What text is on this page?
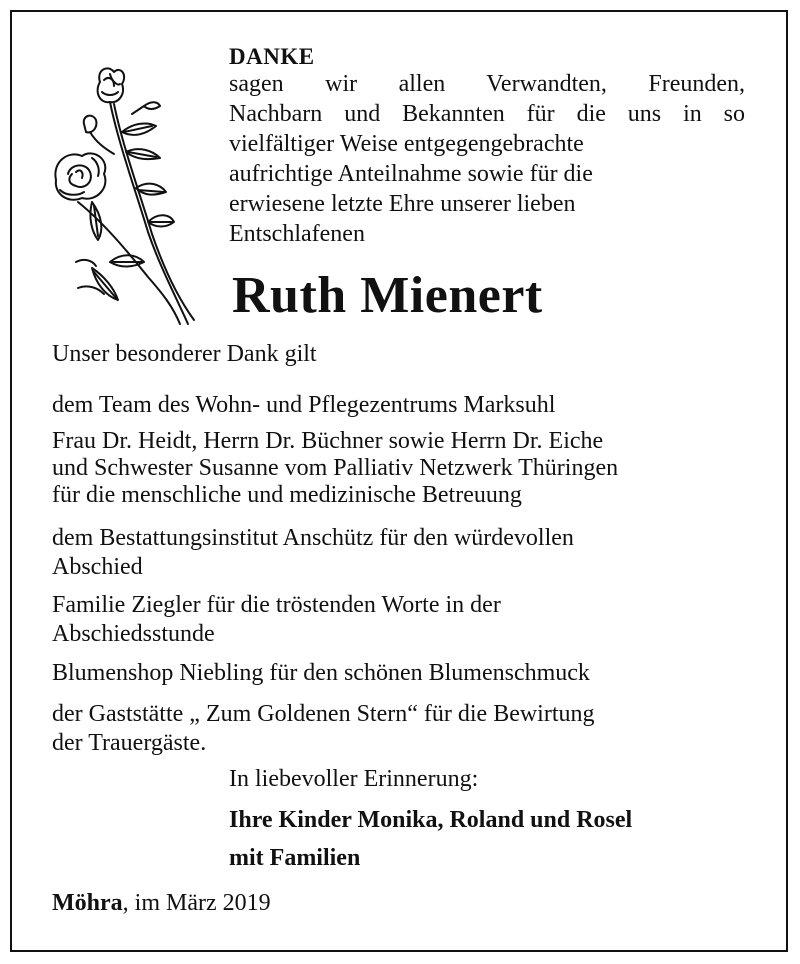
DANKE
sagen wir allen Verwandten, Freunden,
Nachbarn und Bekannten für die uns in so
vielfältiger Weise entgegengebrachte
aufrichtige Anteilnahme sowie für die
erwiesene letzte Ehre unserer lieben
Entschlafenen
Ruth Mienert
Unser besonderer Dank gilt
dem Team des Wohn- und Pflegezentrums Marksuhl
Frau Dr. Heidt, Herrn Dr. Büchner sowie Herrn Dr. Eiche
und Schwester Susanne vom Palliativ Netzwerk Thüringen
für die menschliche und medizinische Betreuung
dem Bestattungsinstitut Anschütz für den würdevollen
Abschied
Familie Ziegler für die tröstenden Worte in der
Abschiedsstunde
Blumenshop Niebling für den schönen Blumenschmuck
der Gaststätte „ Zum Goldenen Stern“ für die Bewirtung
der Trauergäste.
In liebevoller Erinnerung:
Ihre Kinder Monika, Roland und Rosel
mit Familien
Möhra, im März 2019
